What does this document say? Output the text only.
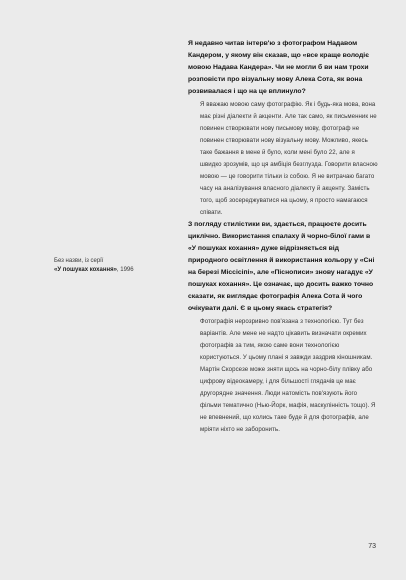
Без назви, із серії
«У пошуках кохання», 1996

Я недавно читав інтерв'ю з фотографом Надавом Кандером, у якому він сказав, що «все краще володіє мовою Надава Кандера». Чи не могли б ви нам трохи розповісти про візуальну мову Алека Сота, як вона розвивалася і що на це вплинуло?

Я вважаю мовою саму фотографію. Як і будь-яка мова, вона має різні діалекти й акценти. Але так само, як письменник не повинен створювати нову письмову мову, фотограф не повинен створювати нову візуальну мову. Можливо, якесь таке бажання в мене й було, коли мені було 22, але я швидко зрозумів, що ця амбіція безглузда. Говорити власною мовою — це говорити тільки із собою. Я не витрачаю багато часу на аналізування власного діалекту й акценту. Замість того, щоб зосереджуватися на цьому, я просто намагаюся співати.

З погляду стилістики ви, здається, працюєте досить циклічно. Використання спалаху й чорно-білої гами в «У пошуках кохання» дуже відрізняється від природного освітлення й використання кольору у «Сні на березі Міссісіпі», але «Піснописи» знову нагадує «У пошуках кохання». Це означає, що досить важко точно сказати, як виглядає фотографія Алека Сота й чого очікувати далі. Є в цьому якась стратегія?

Фотографія нерозривно пов'язана з технологією. Тут без варіантів. Але мене не надто цікавить визначати окремих фотографів за тим, якою саме вони технологією користуються. У цьому плані я завжди заздрив кіношникам. Мартін Скорсезе може зняти щось на чорно-білу плівку або цифрову відеокамеру, і для більшості глядачів це має другорядне значення. Люди натомість пов'язують його фільми тематично (Нью-Йорк, мафія, маскулінність тощо). Я не впевнений, що колись таке буде й для фотографів, але мріяти ніхто не заборонить.

73
